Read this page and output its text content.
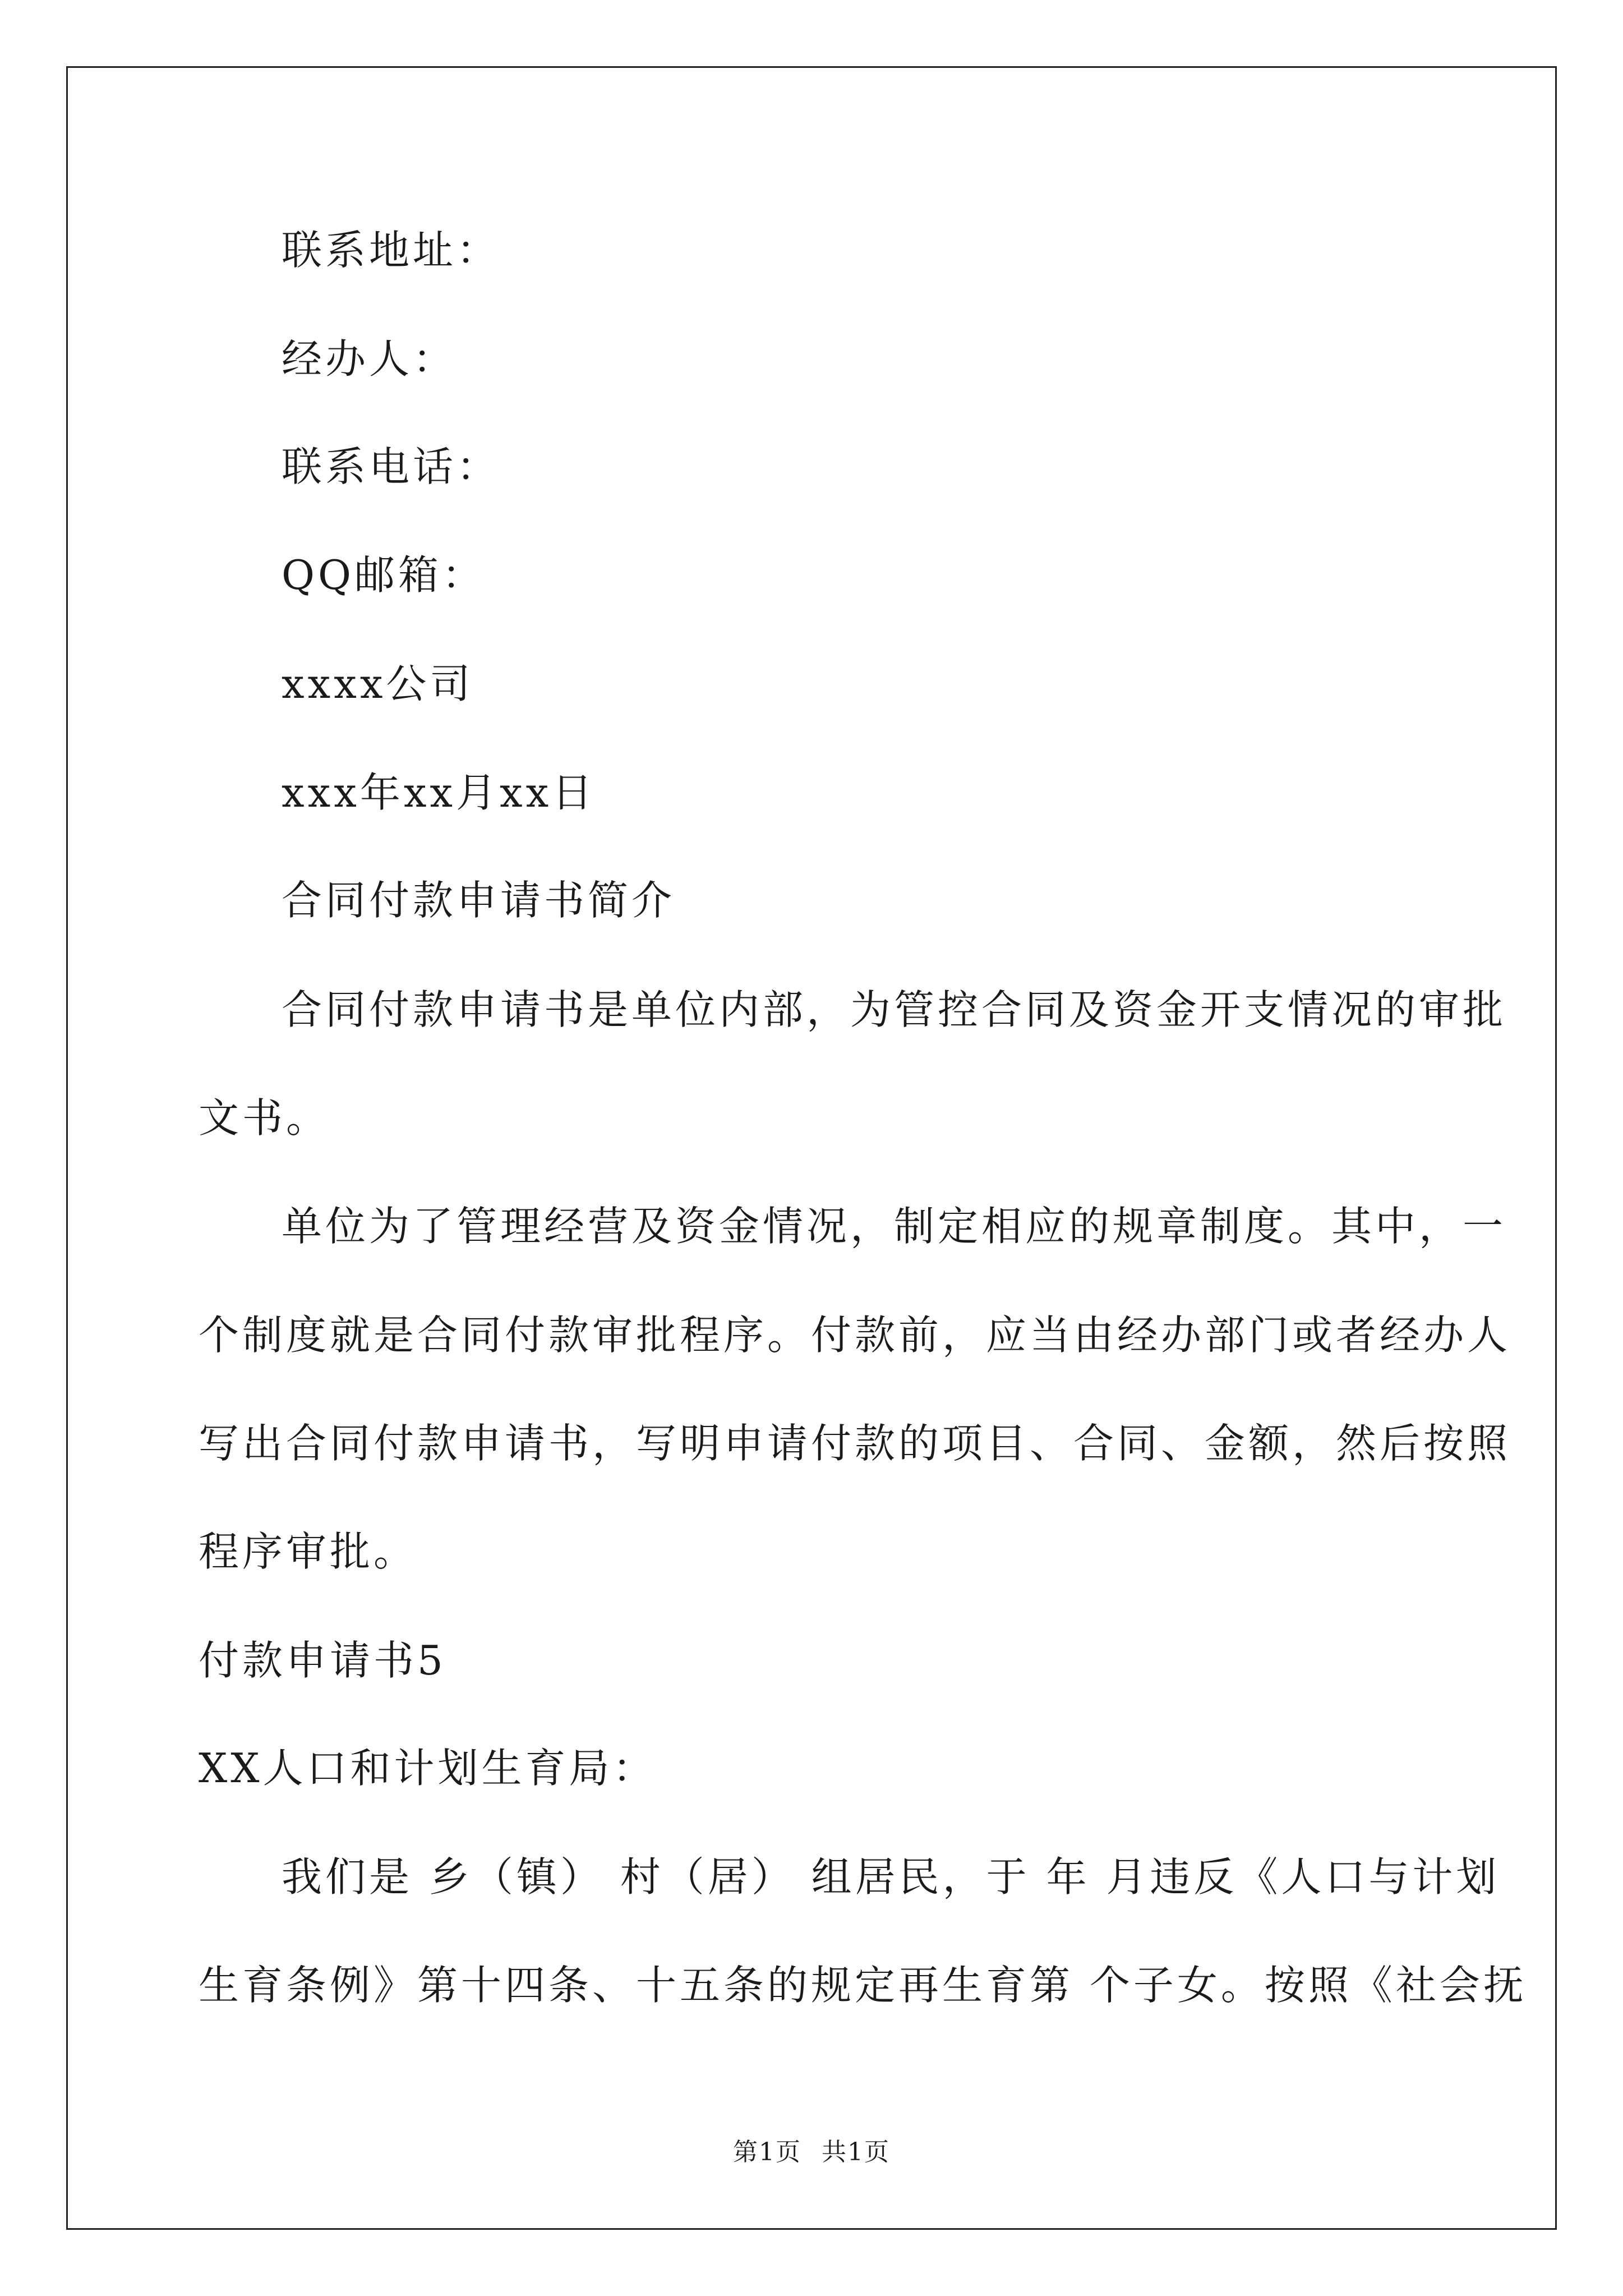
联系地址：
经办人：
联系电话：
QQ邮箱：
xxxx公司
xxx年xx月xx日
合同付款申请书简介
合同付款申请书是单位内部，为管控合同及资金开支情况的审批
文书。
单位为了管理经营及资金情况，制定相应的规章制度。其中，一
个制度就是合同付款审批程序。付款前，应当由经办部门或者经办人
写出合同付款申请书，写明申请付款的项目、合同、金额，然后按照
程序审批。
付款申请书5
XX人口和计划生育局：
我们是 乡（镇） 村（居） 组居民，于 年 月违反《人口与计划
生育条例》第十四条、十五条的规定再生育第 个子女。按照《社会抚
第1页 共1页
